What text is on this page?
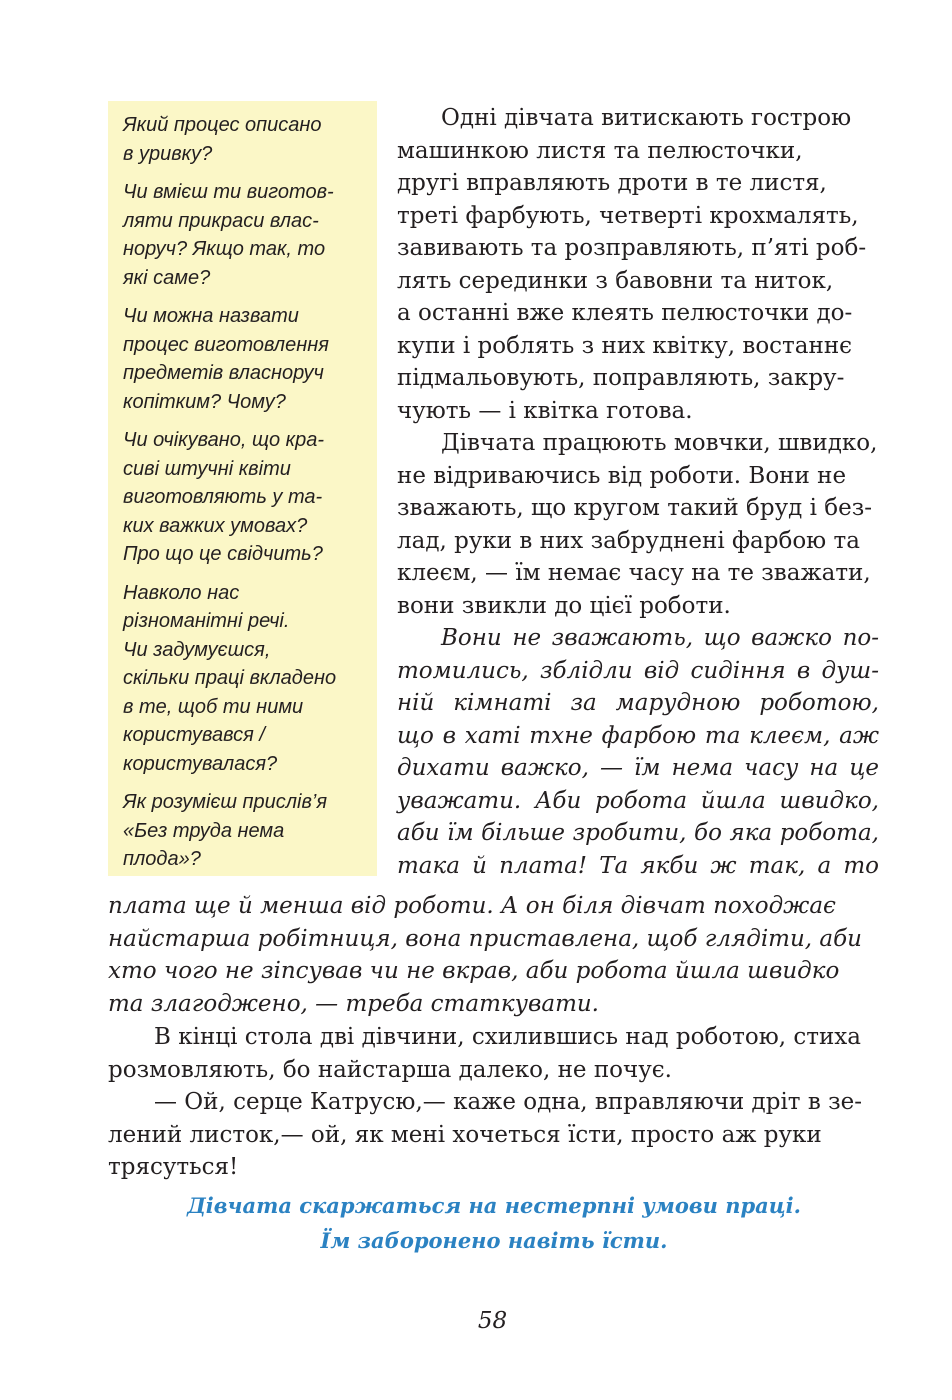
Який процес описано
в уривку?
Чи вмієш ти виготов-
ляти прикраси влас-
норуч? Якщо так, то
які саме?
Чи можна назвати
процес виготовлення
предметів власноруч
копітким? Чому?
Чи очікувано, що кра-
сиві штучні квіти
виготовляють у та-
ких важких умовах?
Про що це свідчить?
Навколо нас
різноманітні речі.
Чи задумуєшся,
скільки праці вкладено
в те, щоб ти ними
користувався /
користувалася?
Як розумієш прислів’я
«Без труда нема
плода»?
Одні дівчата витискають гострою
машинкою листя та пелюсточки,
другі вправляють дроти в те листя,
треті фарбують, четверті крохмалять,
завивають та розправляють, п’яті роб-
лять серединки з бавовни та ниток,
а останні вже клеять пелюсточки до-
купи і роблять з них квітку, востаннє
підмальовують, поправляють, закру-
чують — і квітка готова.
Дівчата працюють мовчки, швидко,
не відриваючись від роботи. Вони не
зважають, що кругом такий бруд і без-
лад, руки в них забруднені фарбою та
клеєм, — їм немає часу на те зважати,
вони звикли до цієї роботи.
Вони не зважають, що важко по-
томились, зблідли від сидіння в душ-
ній кімнаті за марудною роботою,
що в хаті тхне фарбою та клеєм, аж
дихати важко, — їм нема часу на це
уважати. Аби робота йшла швидко,
аби їм більше зробити, бо яка робота,
така й плата! Та якби ж так, а то
плата ще й менша від роботи. А он біля дівчат походжає
найстарша робітниця, вона приставлена, щоб глядіти, аби
хто чого не зіпсував чи не вкрав, аби робота йшла швидко
та злагоджено, — треба статкувати.
В кінці стола дві дівчини, схилившись над роботою, стиха
розмовляють, бо найстарша далеко, не почує.
— Ой, серце Катрусю,— каже одна, вправляючи дріт в зе-
лений листок,— ой, як мені хочеться їсти, просто аж руки
трясуться!
Дівчата скаржаться на нестерпні умови праці.
Їм заборонено навіть їсти.
58
